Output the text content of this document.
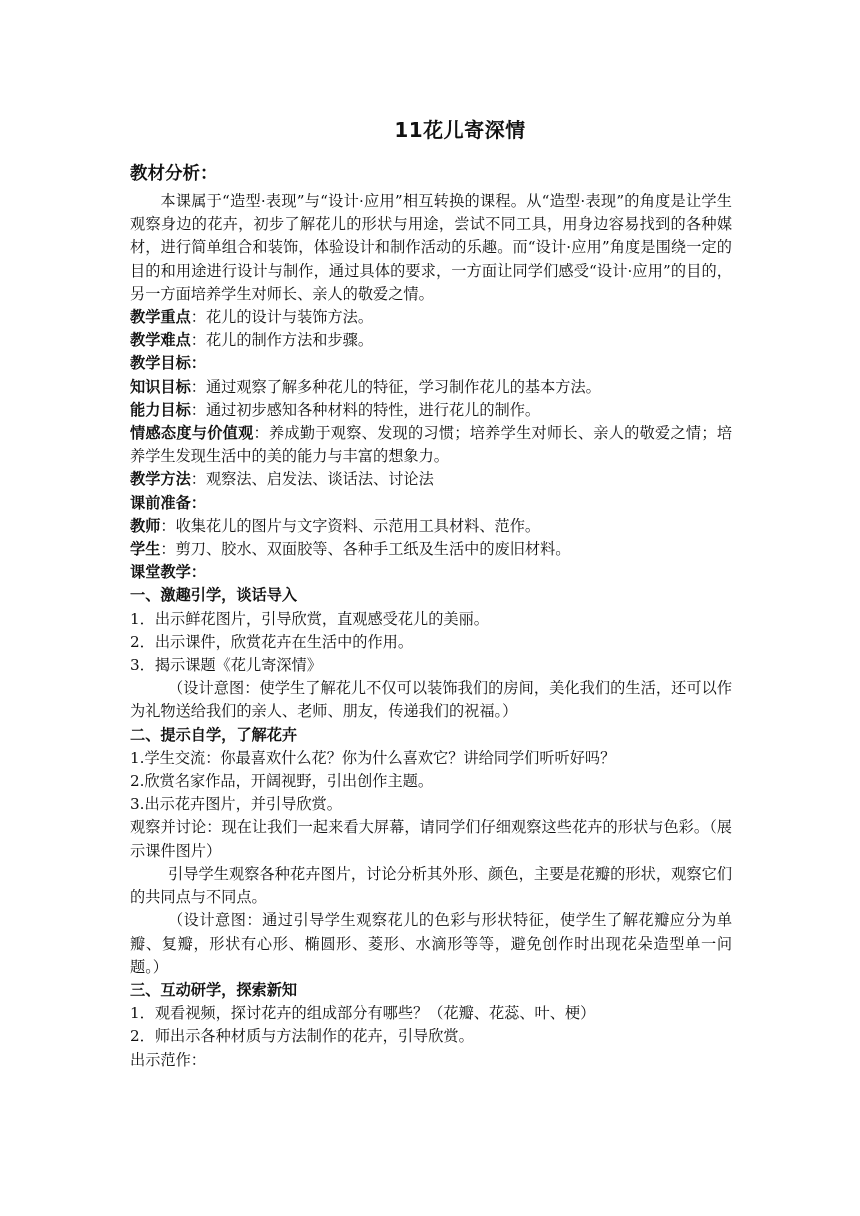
11花儿寄深情
教材分析：

本课属于“造型·表现”与“设计·应用”相互转换的课程。从“造型·表现”的角度是让学生观察身边的花卉，初步了解花儿的形状与用途，尝试不同工具，用身边容易找到的各种媒材，进行简单组合和装饰，体验设计和制作活动的乐趣。而“设计·应用”角度是围绕一定的目的和用途进行设计与制作，通过具体的要求，一方面让同学们感受“设计·应用”的目的，另一方面培养学生对师长、亲人的敬爱之情。

教学重点：花儿的设计与装饰方法。

教学难点：花儿的制作方法和步骤。

教学目标：

知识目标：通过观察了解多种花儿的特征，学习制作花儿的基本方法。

能力目标：通过初步感知各种材料的特性，进行花儿的制作。

情感态度与价值观：养成勤于观察、发现的习惯；培养学生对师长、亲人的敬爱之情；培养学生发现生活中的美的能力与丰富的想象力。

教学方法：观察法、启发法、谈话法、讨论法

课前准备：

教师：收集花儿的图片与文字资料、示范用工具材料、范作。

学生：剪刀、胶水、双面胶等、各种手工纸及生活中的废旧材料。

课堂教学：

一、激趣引学，谈话导入

1．出示鲜花图片，引导欣赏，直观感受花儿的美丽。

2．出示课件，欣赏花卉在生活中的作用。

3．揭示课题《花儿寄深情》

（设计意图：使学生了解花儿不仅可以装饰我们的房间，美化我们的生活，还可以作为礼物送给我们的亲人、老师、朋友，传递我们的祝福。）

二、提示自学，了解花卉

1.学生交流：你最喜欢什么花？你为什么喜欢它？讲给同学们听听好吗？

2.欣赏名家作品，开阔视野，引出创作主题。

3.出示花卉图片，并引导欣赏。

观察并讨论：现在让我们一起来看大屏幕，请同学们仔细观察这些花卉的形状与色彩。（展示课件图片）

引导学生观察各种花卉图片，讨论分析其外形、颜色，主要是花瓣的形状，观察它们的共同点与不同点。

（设计意图：通过引导学生观察花儿的色彩与形状特征，使学生了解花瓣应分为单瓣、复瓣，形状有心形、椭圆形、菱形、水滴形等等，避免创作时出现花朵造型单一问题。）

三、互动研学，探索新知

1．观看视频，探讨花卉的组成部分有哪些？（花瓣、花蕊、叶、梗）

2．师出示各种材质与方法制作的花卉，引导欣赏。

出示范作：
